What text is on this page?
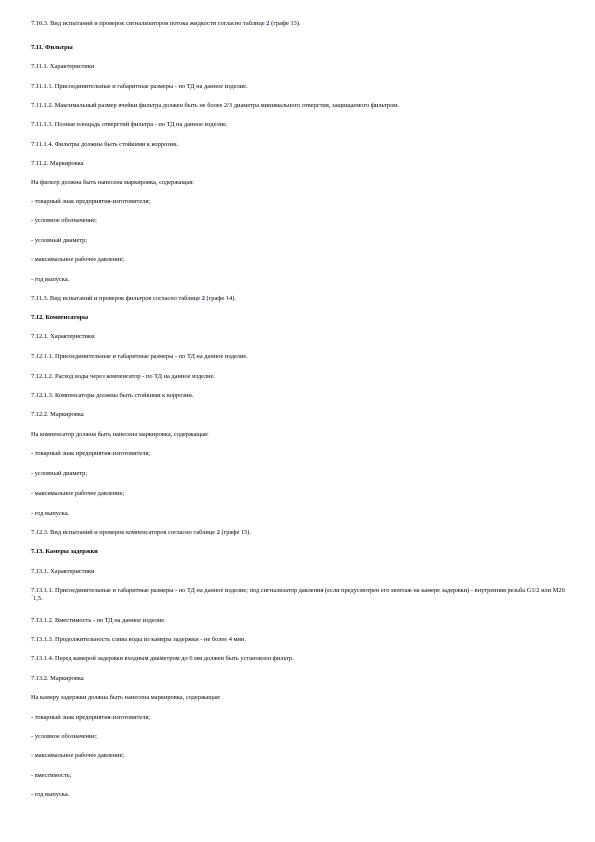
7.10.3. Вид испытаний и проверок сигнализаторов потока жидкости согласно таблице 2 (графе 13).
7.11. Фильтры
7.11.1. Характеристики
7.11.1.1. Присоединительные и габаритные размеры - по ТД на данное изделие.
7.11.1.2. Максимальный размер ячейки фильтра должен быть не более 2/3 диаметра минимального отверстия, защищаемого фильтром.
7.11.1.3. Полная площадь отверстий фильтра - по ТД на данное изделие.
7.11.1.4. Фильтры должны быть стойкими к коррозии.
7.11.2. Маркировка
На фильтр должна быть нанесена маркировка, содержащая:
- товарный знак предприятия-изготовителя;
- условное обозначение;
- условный диаметр;
- максимальное рабочее давление;
- год выпуска.
7.11.3. Вид испытаний и проверок фильтров согласно таблице 2 (графе 14).
7.12. Компенсаторы
7.12.1. Характеристики
7.12.1.1. Присоединительные и габаритные размеры - по ТД на данное изделие.
7.12.1.2. Расход воды через компенсатор - по ТД на данное изделие.
7.12.1.3. Компенсаторы должны быть стойкими к коррозии.
7.12.2. Маркировка
На компенсатор должна быть нанесена маркировка, содержащая:
- товарный знак предприятия-изготовителя;
- условный диаметр;
- максимальное рабочее давление;
- год выпуска.
7.12.3. Вид испытаний и проверок компенсаторов согласно таблице 2 (графе 15).
7.13. Камеры задержки
7.13.1. Характеристики
7.13.1.1. Присоединительные и габаритные размеры - по ТД на данное изделие; под сигнализатор давления (если предусмотрен его монтаж на камере задержки) - внутренняя резьба G1/2 или М20 ´1,5.
7.13.1.2. Вместимость - по ТД на данное изделие.
7.13.1.3. Продолжительность слива воды из камеры задержки - не более 4 мин.
7.13.1.4. Перед камерой задержки входным диаметром до 6 мм должен быть установлен фильтр.
7.13.2. Маркировка
На камеру задержки должна быть нанесена маркировка, содержащая:
- товарный знак предприятия-изготовителя;
- условное обозначение;
- максимальное рабочее давление;
- вместимость;
- год выпуска.
